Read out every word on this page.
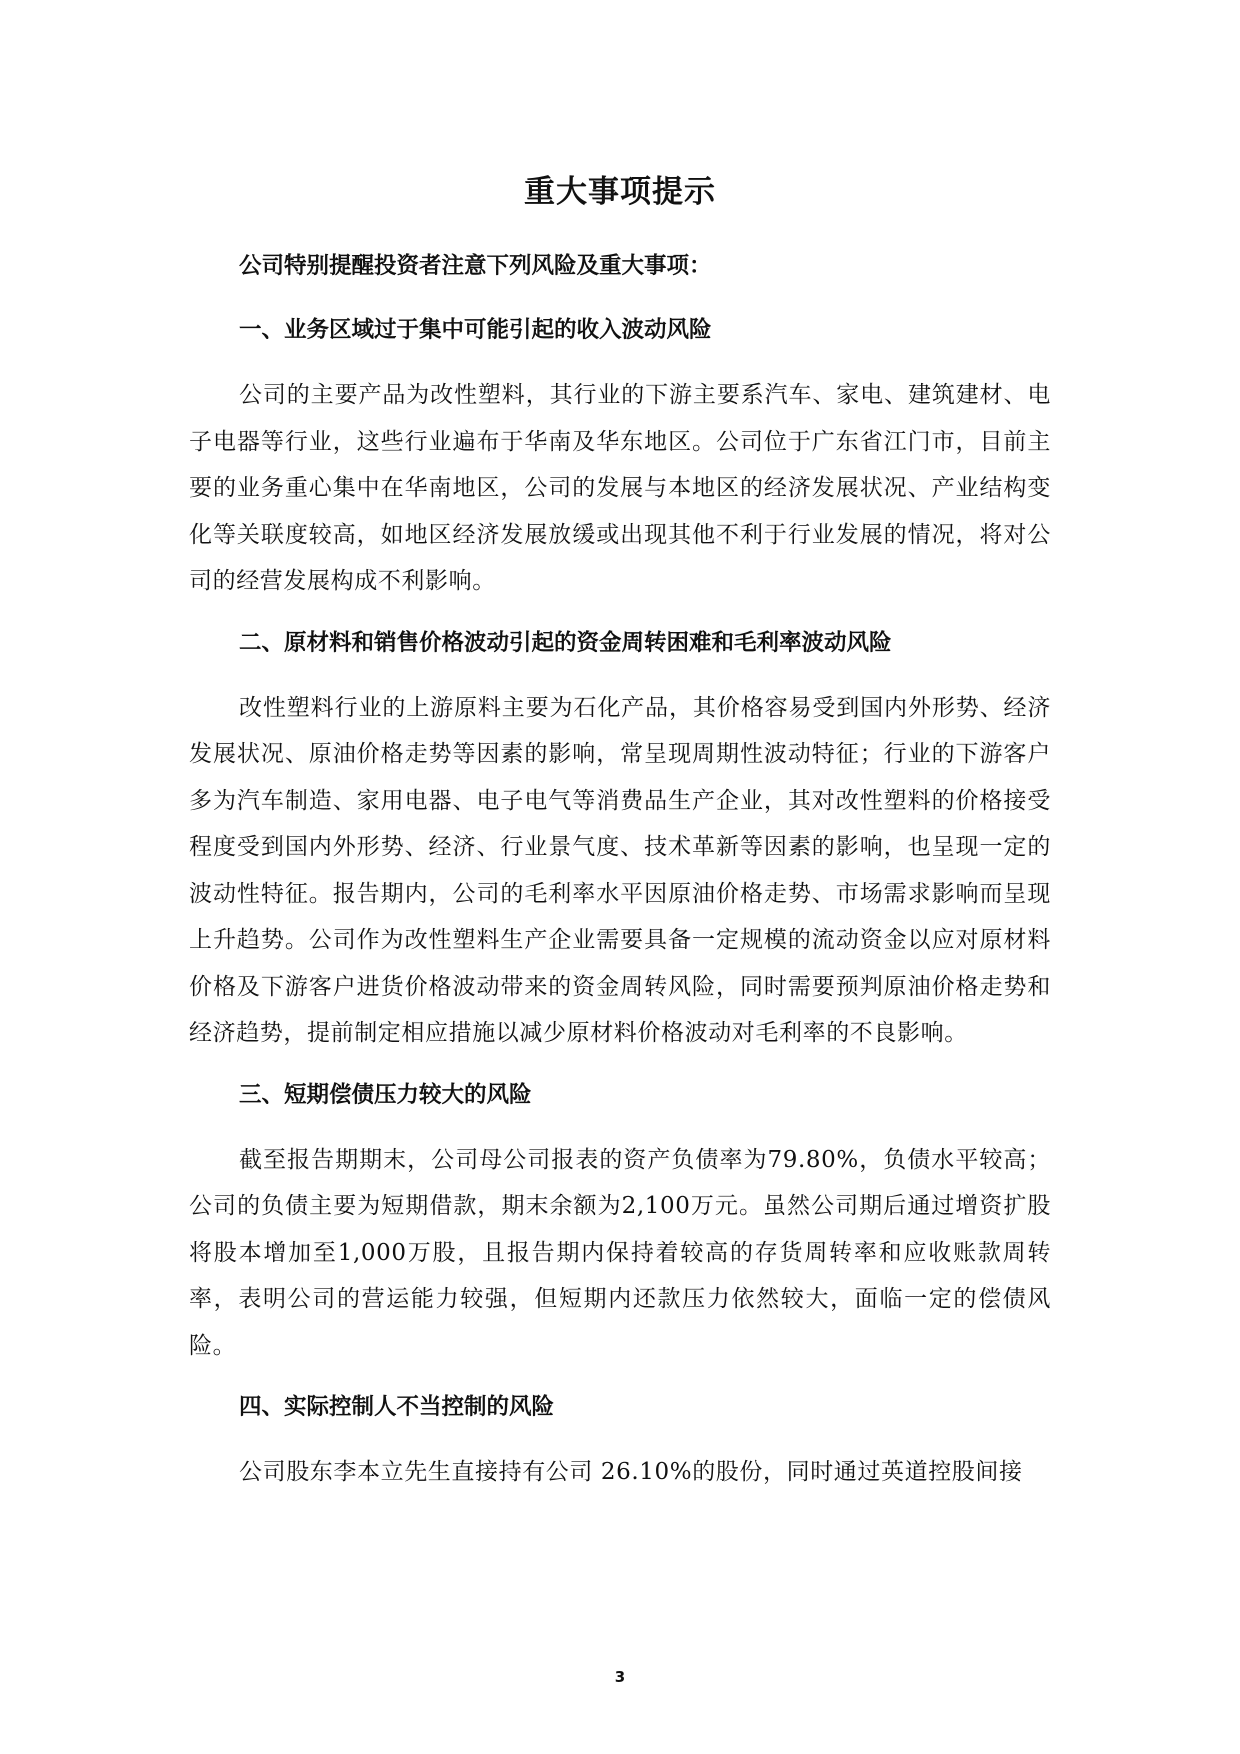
重大事项提示

公司特别提醒投资者注意下列风险及重大事项：

一、业务区域过于集中可能引起的收入波动风险

公司的主要产品为改性塑料，其行业的下游主要系汽车、家电、建筑建材、电子电器等行业，这些行业遍布于华南及华东地区。公司位于广东省江门市，目前主要的业务重心集中在华南地区，公司的发展与本地区的经济发展状况、产业结构变化等关联度较高，如地区经济发展放缓或出现其他不利于行业发展的情况，将对公司的经营发展构成不利影响。

二、原材料和销售价格波动引起的资金周转困难和毛利率波动风险

改性塑料行业的上游原料主要为石化产品，其价格容易受到国内外形势、经济发展状况、原油价格走势等因素的影响，常呈现周期性波动特征；行业的下游客户多为汽车制造、家用电器、电子电气等消费品生产企业，其对改性塑料的价格接受程度受到国内外形势、经济、行业景气度、技术革新等因素的影响，也呈现一定的波动性特征。报告期内，公司的毛利率水平因原油价格走势、市场需求影响而呈现上升趋势。公司作为改性塑料生产企业需要具备一定规模的流动资金以应对原材料价格及下游客户进货价格波动带来的资金周转风险，同时需要预判原油价格走势和经济趋势，提前制定相应措施以减少原材料价格波动对毛利率的不良影响。

三、短期偿债压力较大的风险

截至报告期期末，公司母公司报表的资产负债率为79.80%，负债水平较高；公司的负债主要为短期借款，期末余额为2,100万元。虽然公司期后通过增资扩股将股本增加至1,000万股，且报告期内保持着较高的存货周转率和应收账款周转率，表明公司的营运能力较强，但短期内还款压力依然较大，面临一定的偿债风险。

四、实际控制人不当控制的风险

公司股东李本立先生直接持有公司 26.10%的股份，同时通过英道控股间接

3
